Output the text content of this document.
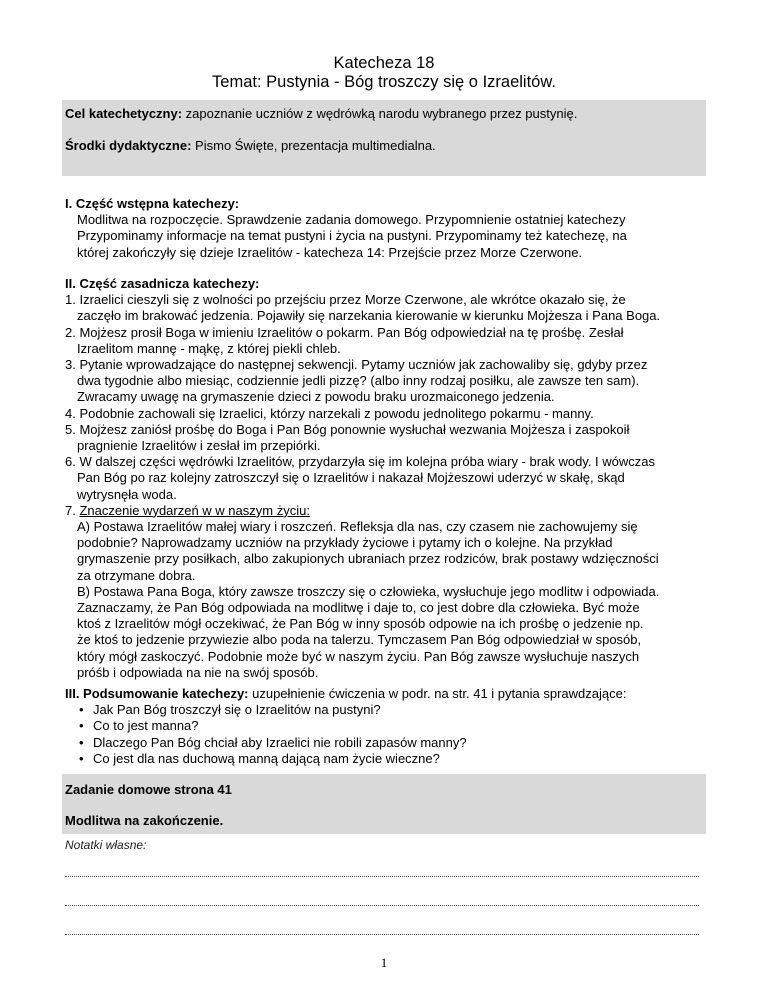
Katecheza 18
Temat: Pustynia - Bóg troszczy się o Izraelitów.
Cel katechetyczny: zapoznanie uczniów z wędrówką narodu wybranego przez pustynię.
Środki dydaktyczne: Pismo Święte, prezentacja multimedialna.

I. Część wstępna katechezy:

Modlitwa na rozpoczęcie. Sprawdzenie zadania domowego. Przypomnienie ostatniej katechezy

Przypominamy informacje na temat pustyni i życia na pustyni. Przypominamy też katechezę, na

której zakończyły się dzieje Izraelitów - katecheza 14: Przejście przez Morze Czerwone.

II. Część zasadnicza katechezy:

1. Izraelici cieszyli się z wolności po przejściu przez Morze Czerwone, ale wkrótce okazało się, że

zaczęło im brakować jedzenia. Pojawiły się narzekania kierowanie w kierunku Mojżesza i Pana Boga.

2. Mojżesz prosił Boga w imieniu Izraelitów o pokarm. Pan Bóg odpowiedział na tę prośbę. Zesłał

Izraelitom mannę - mąkę, z której piekli chleb.

3. Pytanie wprowadzające do następnej sekwencji. Pytamy uczniów jak zachowaliby się, gdyby przez

dwa tygodnie albo miesiąc, codziennie jedli pizzę? (albo inny rodzaj posiłku, ale zawsze ten sam).

Zwracamy uwagę na grymaszenie dzieci z powodu braku urozmaiconego jedzenia.

4. Podobnie zachowali się Izraelici, którzy narzekali z powodu jednolitego pokarmu - manny.

5. Mojżesz zaniósł prośbę do Boga i Pan Bóg ponownie wysłuchał wezwania Mojżesza i zaspokoił

pragnienie Izraelitów i zesłał im przepiórki.

6. W dalszej części wędrówki Izraelitów, przydarzyła się im kolejna próba wiary - brak wody. I wówczas

Pan Bóg po raz kolejny zatroszczył się o Izraelitów i nakazał Mojżeszowi uderzyć w skałę, skąd

wytrysnęła woda.

7. Znaczenie wydarzeń w w naszym życiu:

A) Postawa Izraelitów małej wiary i roszczeń. Refleksja dla nas, czy czasem nie zachowujemy się

podobnie? Naprowadzamy uczniów na przykłady życiowe i pytamy ich o kolejne. Na przykład

grymaszenie przy posiłkach, albo zakupionych ubraniach przez rodziców, brak postawy wdzięczności

za otrzymane dobra.

B) Postawa Pana Boga, który zawsze troszczy się o człowieka, wysłuchuje jego modlitw i odpowiada.

Zaznaczamy, że Pan Bóg odpowiada na modlitwę i daje to, co jest dobre dla człowieka. Być może

ktoś z Izraelitów mógł oczekiwać, że Pan Bóg w inny sposób odpowie na ich prośbę o jedzenie np.

że ktoś to jedzenie przywiezie albo poda na talerzu. Tymczasem Pan Bóg odpowiedział w sposób,

który mógł zaskoczyć. Podobnie może być w naszym życiu. Pan Bóg zawsze wysłuchuje naszych

próśb i odpowiada na nie na swój sposób.

III. Podsumowanie katechezy: uzupełnienie ćwiczenia w podr. na str. 41 i pytania sprawdzające:

• Jak Pan Bóg troszczył się o Izraelitów na pustyni?
• Co to jest manna?
• Dlaczego Pan Bóg chciał aby Izraelici nie robili zapasów manny?
• Co jest dla nas duchową manną dającą nam życie wieczne?
Zadanie domowe strona 41
Modlitwa na zakończenie.
Notatki własne:
1
